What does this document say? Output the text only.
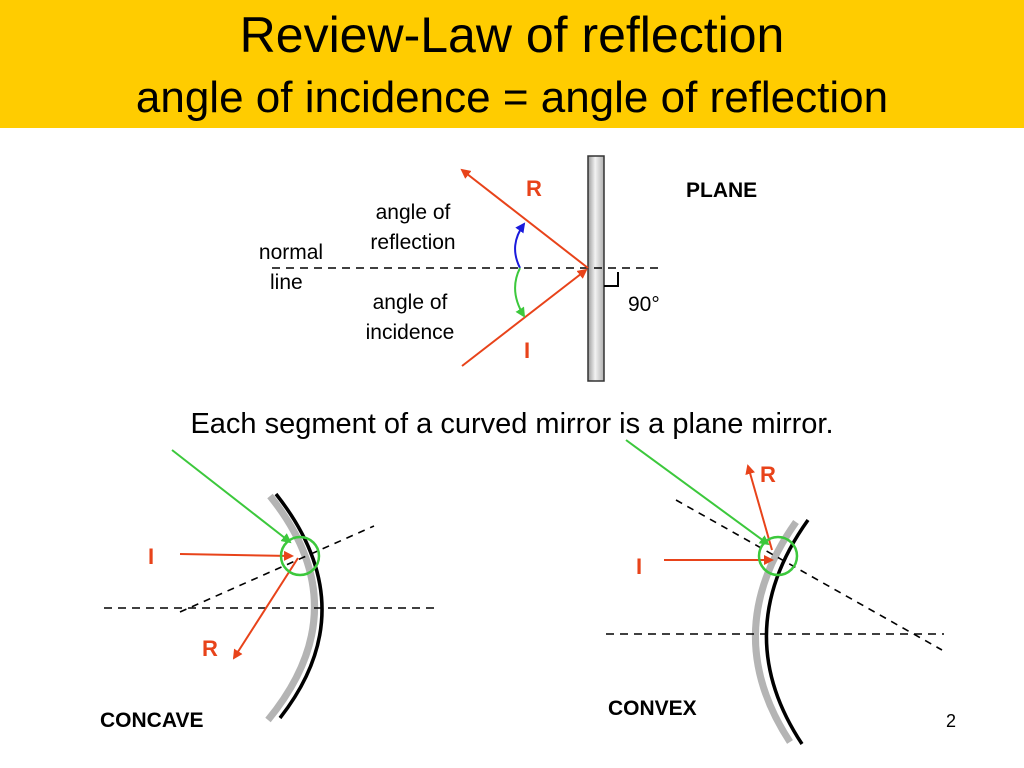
Review-Law of reflection
angle of incidence = angle of reflection
R	PLANE
angle of
reflection
normal
line
angle of
incidence
90°
I
Each segment of a curved mirror is a plane mirror.
I
R
CONCAVE
R
I
CONVEX
2
